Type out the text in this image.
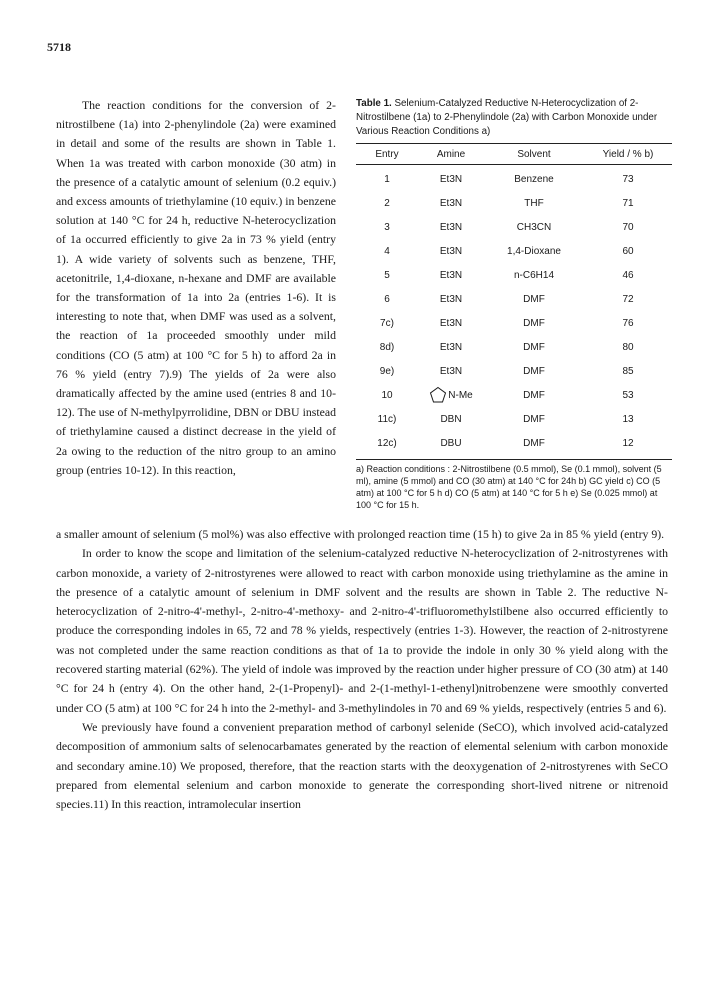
5718

The reaction conditions for the conversion of 2-nitrostilbene (1a) into 2-phenylindole (2a) were examined in detail and some of the results are shown in Table 1. When 1a was treated with carbon monoxide (30 atm) in the presence of a catalytic amount of selenium (0.2 equiv.) and excess amounts of triethylamine (10 equiv.) in benzene solution at 140 °C for 24 h, reductive N-heterocyclization of 1a occurred efficiently to give 2a in 73 % yield (entry 1). A wide variety of solvents such as benzene, THF, acetonitrile, 1,4-dioxane, n-hexane and DMF are available for the transformation of 1a into 2a (entries 1-6). It is interesting to note that, when DMF was used as a solvent, the reaction of 1a proceeded smoothly under mild conditions (CO (5 atm) at 100 °C for 5 h) to afford 2a in 76 % yield (entry 7).9) The yields of 2a were also dramatically affected by the amine used (entries 8 and 10-12). The use of N-methylpyrrolidine, DBN or DBU instead of triethylamine caused a distinct decrease in the yield of 2a owing to the reduction of the nitro group to an amino group (entries 10-12). In this reaction,

Table 1. Selenium-Catalyzed Reductive N-Heterocyclization of 2-Nitrostilbene (1a) to 2-Phenylindole (2a) with Carbon Monoxide under Various Reaction Conditions a)
Entry	Amine	Solvent	Yield / % b)
1	Et3N	Benzene	73
2	Et3N	THF	71
3	Et3N	CH3CN	70
4	Et3N	1,4-Dioxane	60
5	Et3N	n-C6H14	46
6	Et3N	DMF	72
7c)	Et3N	DMF	76
8d)	Et3N	DMF	80
9e)	Et3N	DMF	85
10	N-Me	DMF	53
11c)	DBN	DMF	13
12c)	DBU	DMF	12
a) Reaction conditions : 2-Nitrostilbene (0.5 mmol), Se (0.1 mmol), solvent (5 ml), amine (5 mmol) and CO (30 atm) at 140 °C for 24h b) GC yield c) CO (5 atm) at 100 °C for 5 h d) CO (5 atm) at 140 °C for 5 h e) Se (0.025 mmol) at 100 °C for 15 h.

a smaller amount of selenium (5 mol%) was also effective with prolonged reaction time (15 h) to give 2a in 85 % yield (entry 9).

In order to know the scope and limitation of the selenium-catalyzed reductive N-heterocyclization of 2-nitrostyrenes with carbon monoxide, a variety of 2-nitrostyrenes were allowed to react with carbon monoxide using triethylamine as the amine in the presence of a catalytic amount of selenium in DMF solvent and the results are shown in Table 2. The reductive N-heterocyclization of 2-nitro-4'-methyl-, 2-nitro-4'-methoxy- and 2-nitro-4'-trifluoromethylstilbene also occurred efficiently to produce the corresponding indoles in 65, 72 and 78 % yields, respectively (entries 1-3). However, the reaction of 2-nitrostyrene was not completed under the same reaction conditions as that of 1a to provide the indole in only 30 % yield along with the recovered starting material (62%). The yield of indole was improved by the reaction under higher pressure of CO (30 atm) at 140 °C for 24 h (entry 4). On the other hand, 2-(1-Propenyl)- and 2-(1-methyl-1-ethenyl)nitrobenzene were smoothly converted under CO (5 atm) at 100 °C for 24 h into the 2-methyl- and 3-methylindoles in 70 and 69 % yields, respectively (entries 5 and 6).

We previously have found a convenient preparation method of carbonyl selenide (SeCO), which involved acid-catalyzed decomposition of ammonium salts of selenocarbamates generated by the reaction of elemental selenium with carbon monoxide and secondary amine.10) We proposed, therefore, that the reaction starts with the deoxygenation of 2-nitrostyrenes with SeCO prepared from elemental selenium and carbon monoxide to generate the corresponding short-lived nitrene or nitrenoid species.11) In this reaction, intramolecular insertion
